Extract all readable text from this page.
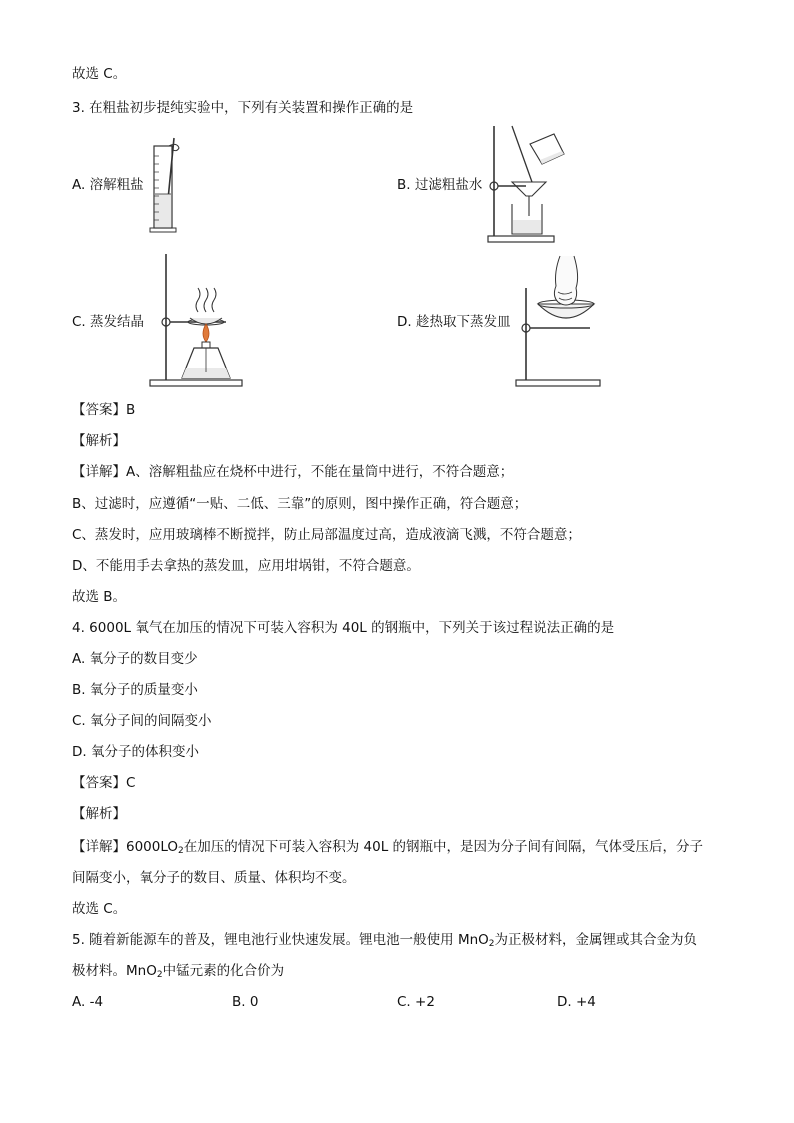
故选 C。
3. 在粗盐初步提纯实验中，下列有关装置和操作正确的是
A. 溶解粗盐	B. 过滤粗盐水
C. 蒸发结晶	D. 趁热取下蒸发皿
【答案】B
【解析】
【详解】A、溶解粗盐应在烧杯中进行，不能在量筒中进行，不符合题意；
B、过滤时，应遵循“一贴、二低、三靠”的原则，图中操作正确，符合题意；
C、蒸发时，应用玻璃棒不断搅拌，防止局部温度过高，造成液滴飞溅，不符合题意；
D、不能用手去拿热的蒸发皿，应用坩埚钳，不符合题意。
故选 B。
4. 6000L 氧气在加压的情况下可装入容积为 40L 的钢瓶中，下列关于该过程说法正确的是
A. 氧分子的数目变少
B. 氧分子的质量变小
C. 氧分子间的间隔变小
D. 氧分子的体积变小
【答案】C
【解析】
【详解】$6000LO_2$在加压的情况下可装入容积为 40L 的钢瓶中，是因为分子间有间隔，气体受压后，分子
间隔变小，氧分子的数目、质量、体积均不变。
故选 C。
5. 随着新能源车的普及，锂电池行业快速发展。锂电池一般使用 MnO$_2$为正极材料，金属锂或其合金为负
极材料。MnO$_2$中锰元素的化合价为
A. -4	B. 0	C. +2	D. +4
